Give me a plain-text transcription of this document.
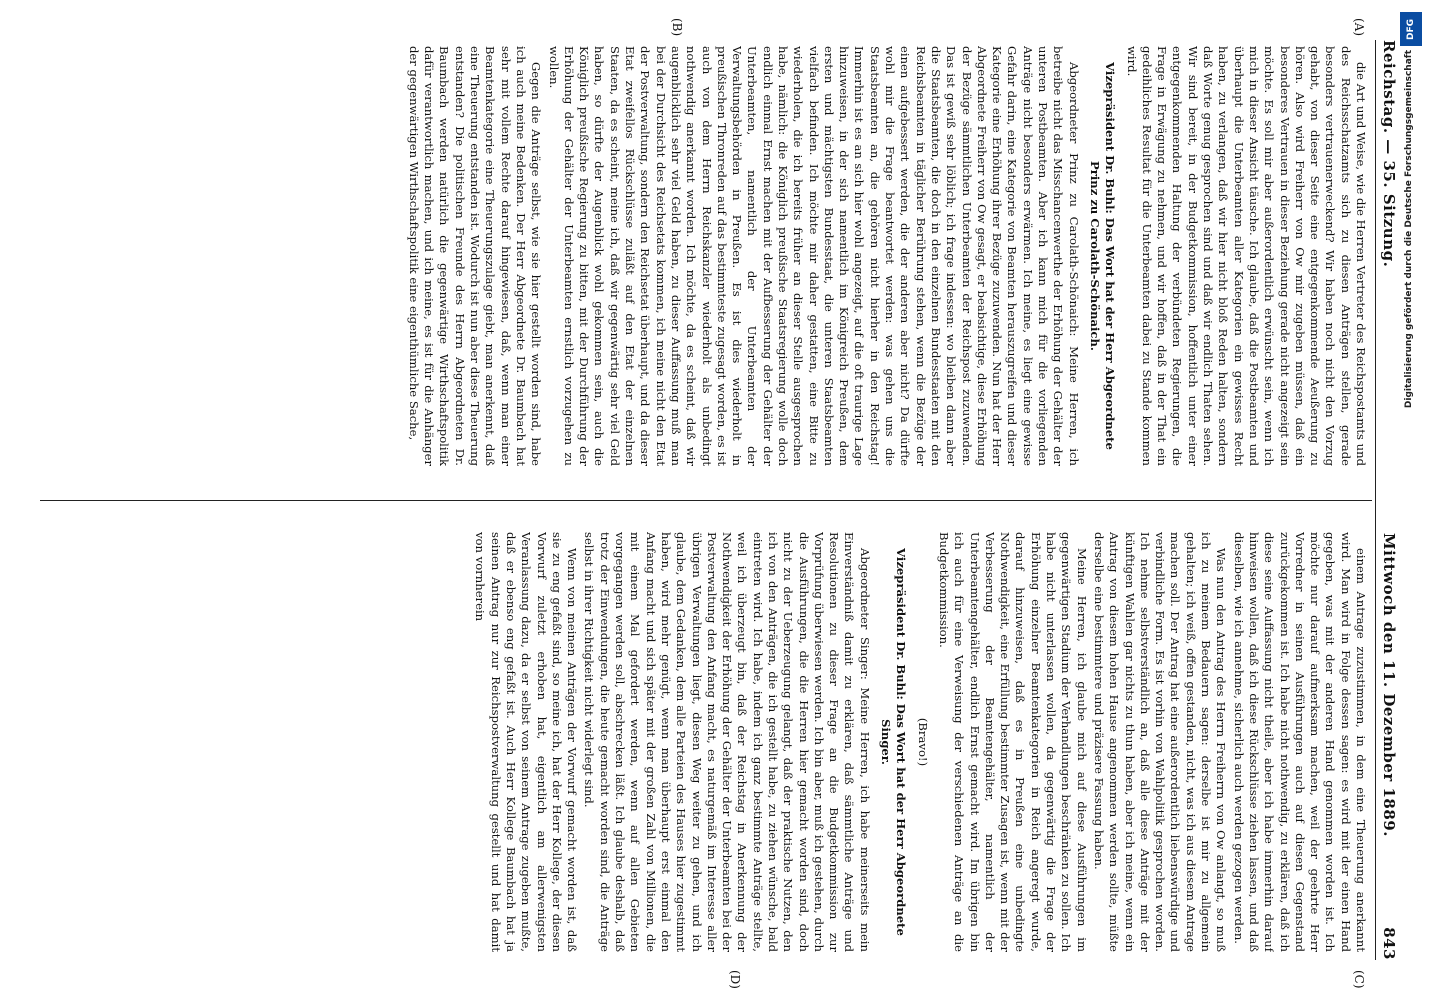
Reichstag. — 35. Sitzung.
Mittwoch den 11. Dezember 1889.
843
(A)
(B)
(C)
(D)

die Art und Weise, wie die Herren Vertreter des Reichspostamts und des Reichsschatzamts sich zu diesen Anträgen stellen, gerade besonders vertrauenerweckend? Wir haben noch nicht den Vorzug gehabt, von dieser Seite eine entgegenkommende Aeußerung zu hören. Also wird Freiherr von Ow mir zugeben müssen, daß ein besonderes Vertrauen in dieser Beziehung gerade nicht angezeigt sein möchte. Es soll mir aber außerordentlich erwünscht sein, wenn ich mich in dieser Ansicht täusche. Ich glaube, daß die Postbeamten und überhaupt die Unterbeamten aller Kategorien ein gewisses Recht haben, zu verlangen, daß wir hier nicht bloß Reden halten, sondern daß Worte genug gesprochen sind und daß wir endlich Thaten sehen. Wir sind bereit, in der Budgetkommission, hoffentlich unter einer entgegenkommenden Haltung der verbündeten Regierungen, die Frage in Erwägung zu nehmen, und wir hoffen, daß in der That ein gedeihliches Resultat für die Unterbeamten dabei zu Stande kommen wird.

Vizepräsident Dr. Buhl: Das Wort hat der Herr Abgeordnete Prinz zu Carolath-Schönaich.

Abgeordneter Prinz zu Carolath-Schönaich: Meine Herren, ich betreibe nicht das Misschancenwerthe der Erhöhung der Gehälter der unteren Postbeamten. Aber ich kann mich für die vorliegenden Anträge nicht besonders erwärmen. Ich meine, es liegt eine gewisse Gefahr darin, eine Kategorie von Beamten herauszugreifen und dieser Kategorie eine Erhöhung ihrer Bezüge zuzuwenden. Nun hat der Herr Abgeordnete Freiherr von Ow gesagt, er beabsichtige, diese Erhöhung der Bezüge sämmtlichen Unterbeamten der Reichspost zuzuwenden. Das ist gewiß sehr löblich; ich frage indessen: wo bleiben dann aber die Staatsbeamten, die doch in den einzelnen Bundesstaaten mit den Reichsbeamten in täglicher Berührung stehen, wenn die Bezüge der einen aufgebessert werden, die der anderen aber nicht? Da dürfte wohl mir die Frage beantwortet werden: was gehen uns die Staatsbeamten an, die gehören nicht hierher in den Reichstag! Immerhin ist es an sich hier wohl angezeigt, auf die oft traurige Lage hinzuweisen, in der sich namentlich im Königreich Preußen, dem ersten und mächtigsten Bundesstaat, die unteren Staatsbeamten vielfach befinden. Ich möchte mir daher gestatten, eine Bitte zu wiederholen, die ich bereits früher an dieser Stelle ausgesprochen habe, nämlich: die Königlich preußische Staatsregierung wolle doch endlich einmal Ernst machen mit der Aufbesserung der Gehälter der Unterbeamten, namentlich der Unterbeamten der Verwaltungsbehörden in Preußen. Es ist dies wiederholt in preußischen Thronreden auf das bestimmteste zugesagt worden, es ist auch von dem Herrn Reichskanzler wiederholt als unbedingt nothwendig anerkannt worden. Ich möchte, da es scheint, daß wir augenblicklich sehr viel Geld haben, zu dieser Auffassung muß man bei der Durchsicht des Reichsetats kommen, ich meine nicht den Etat der Postverwaltung, sondern den Reichsetat überhaupt, und da dieser Etat zweifellos Rückschlüsse zuläßt auf den Etat der einzelnen Staaten, da es scheint, meine ich, daß wir gegenwärtig sehr viel Geld haben, so dürfte der Augenblick wohl gekommen sein, auch die Königlich preußische Regierung zu bitten, mit der Durchführung der Erhöhung der Gehälter der Unterbeamten ernstlich vorzugehen zu wollen.

Gegen die Anträge selbst, wie sie hier gestellt worden sind, habe ich auch meine Bedenken. Der Herr Abgeordnete Dr. Baumbach hat sehr mit vollem Rechte darauf hingewiesen, daß, wenn man einer Beamtenkategorie eine Theuerungszulage giebt, man anerkennt, daß eine Theuerung entstanden ist. Wodurch ist nun aber diese Theuerung entstanden? Die politischen Freunde des Herrn Abgeordneten Dr. Baumbach werden natürlich die gegenwärtige Wirthschaftspolitik dafür verantwortlich machen, und ich meine, es ist für die Anhänger der gegenwärtigen Wirthschaftspolitik eine eigenthümliche Sache,

einem Antrage zuzustimmen, in dem eine Theuerung anerkannt wird. Man wird in Folge dessen sagen: es wird mit der einen Hand gegeben, was mit der anderen Hand genommen worden ist. Ich möchte nur darauf aufmerksam machen, weil der geehrte Herr Vorredner in seinen Ausführungen auch auf diesen Gegenstand zurückgekommen ist. Ich habe nicht nothwendig, zu erklären, daß ich diese seine Auffassung nicht theile, aber ich habe immerhin darauf hinweisen wollen, daß ich diese Rückschlüsse ziehen lassen, und daß dieselben, wie ich annehme, sicherlich auch werden gezogen werden.

Was nun den Antrag des Herrn Freiherrn von Ow anlangt, so muß ich zu meinem Bedauern sagen: derselbe ist mir zu allgemein gehalten; ich weiß, offen gestanden, nicht, was ich aus diesem Antrage machen soll. Der Antrag hat eine außerordentlich liebenswürdige und verbindliche Form. Es ist vorhin von Wahlpolitik gesprochen worden. Ich nehme selbstverständlich an, daß alle diese Anträge mit der künftigen Wahlen gar nichts zu thun haben, aber ich meine, wenn ein Antrag von diesem hohen Hause angenommen werden sollte, müßte derselbe eine bestimmtere und präzisere Fassung haben.

Meine Herren, ich glaube mich auf diese Ausführungen im gegenwärtigen Stadium der Verhandlungen beschränken zu sollen. Ich habe nicht unterlassen wollen, da gegenwärtig die Frage der Erhöhung einzelner Beamtenkategorien in Reich angeregt wurde, darauf hinzuweisen, daß es in Preußen eine unbedingte Nothwendigkeit, eine Erfüllung bestimmter Zusagen ist, wenn mit der Verbesserung der Beamtengehälter, namentlich der Unterbeamtengehälter, endlich Ernst gemacht wird. Im übrigen bin ich auch für eine Verweisung der verschiedenen Anträge an die Budgetkommission.

(Bravo!)

Vizepräsident Dr. Buhl: Das Wort hat der Herr Abgeordnete Singer.

Abgeordneter Singer: Meine Herren, ich habe meinerseits mein Einverständniß damit zu erklären, daß sämmtliche Anträge und Resolutionen zu dieser Frage an die Budgetkommission zur Vorprüfung überwiesen werden. Ich bin aber, muß ich gestehen, durch die Ausführungen, die die Herren hier gemacht worden sind, doch nicht zu der Ueberzeugung gelangt, daß der praktische Nutzen, den ich von den Anträgen, die ich gestellt habe, zu ziehen wünsche, bald eintreten wird. Ich habe, indem ich ganz bestimmte Anträge stellte, weil ich überzeugt bin, daß der Reichstag in Anerkennung der Nothwendigkeit der Erhöhung der Gehälter der Unterbeamten bei der Postverwaltung den Anfang macht, es naturgemäß im Interesse aller übrigen Verwaltungen liegt, diesen Weg weiter zu gehen, und ich glaube, dem Gedanken, dem alle Parteien des Hauses hier zugestimmt haben, wird mehr genügt, wenn man überhaupt erst einmal den Anfang macht und sich später mit der großen Zahl von Millionen, die mit einem Mal gefordert werden, wenn auf allen Gebieten vorgegangen werden soll, abschrecken läßt. Ich glaube deshalb, daß trotz der Einwendungen, die heute gemacht worden sind, die Anträge selbst in ihrer Richtigkeit nicht widerlegt sind.

Wenn von meinen Anträgen der Vorwurf gemacht worden ist, daß sie zu eng gefaßt sind, so meine ich, hat der Herr Kollege, der diesen Vorwurf zuletzt erhoben hat, eigentlich am allerwenigsten Veranlassung dazu, da er selbst von seinem Antrage zugeben mußte, daß er ebenso eng gefaßt ist. Auch Herr Kollege Baumbach hat ja seinen Antrag nur zur Reichspostverwaltung gestellt und hat damit von vornherein

DFG
Digitalisierung gefördert durch die Deutsche Forschungsgemeinschaft
